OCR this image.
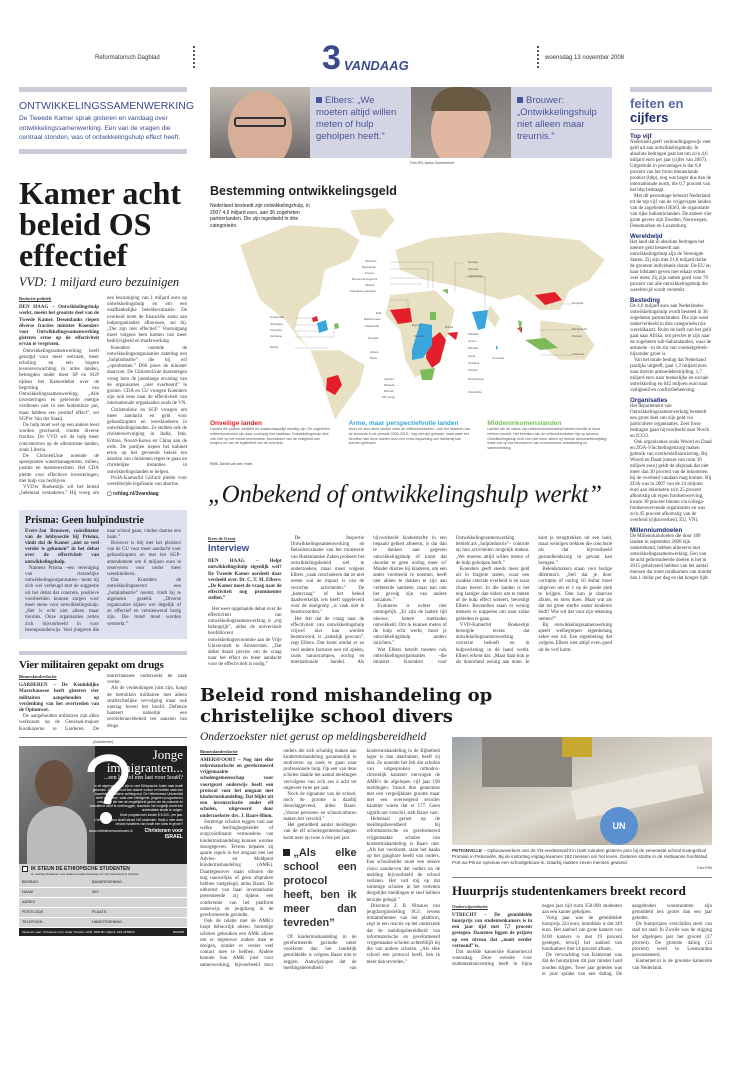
Reformatorisch Dagblad	3 VANDAAG	woensdag 13 november 2008
ONTWIKKELINGSSAMENWERKING
De Tweede Kamer sprak gisteren en vandaag over ontwikkelingssamenwerking. Een van de vragen die centraal stonden, was of ontwikkelingshulp effect heeft.
Elbers: „We moeten altijd willen meten of hulp geholpen heeft.”
Brouwer: „Ontwikkelingshulp niet alleen maar treurnis.”
Foto RD, Anton Dommerholt
feiten en
cijfers
Top vijf

Nederland geeft verhoudingsgewijs veel geld uit aan ontwikkelingshulp. In absolute bedragen gaat het om zo'n 4,6 miljard euro per jaar (cijfer van 2007). Uitgedrukt in percentages is dat 0,8 procent van het bruto binnenlands product (bbp), nog wat hoger dus dan de internationale norm, die 0,7 procent van het bbp bedraagt.

Met dit percentage behoort Nederland tot de top vijf van de vrijgevigste landen van de zogeheten OESO, de organisatie van rijke industrielanden. De andere vier grote gevers zijn Zweden, Noorwegen, Denemarken en Luxemburg.

Wereldwijd

Het land dat in absolute bedragen het meeste geld besteedt aan ontwikkelingshulp zijn de Verenigde Staten. Zij zijn met 21,8 miljard dollar de grootste individuele donor. De EU en haar lidstaten geven met elkaar echter veel meer. Zij zijn samen goed voor 70 procent van alle ontwikkelingshulp die wereldwijd wordt verstrekt.

Besteding

De 4,6 miljard euro aan Nederlandse ontwikkelingshulp wordt besteed in 36 zogeheten partnerlanden. Die zijn weer onderverdeeld in drie categorieën (zie wereldkaart). Ruim de helft van het geld gaat naar Afrika, om precies te zijn naar de zogeheten sub-Saharalanden, waar de armoede –in de zin van voedselgebrek– bijzonder groot is.

Van het totale bedrag dat Nederland jaarlijks uitgeeft, gaat 1,2 miljard euro naar directe armoedebestrijding, 1,7 miljard euro naar menselijke en sociale ontwikkeling en 642 miljoen euro naar veiligheid en conflictbeheersing.

Organisaties

Het departement van Ontwikkelingssamenwerking besteedt een groot deel van zijn geld via particuliere organisaties. Zeer forse bedragen gaan bijvoorbeeld naar Novib en ICCO.

Ook organisaties zoals Woord en Daad en ZOA-Vluchtelingenzorg maken gebruik van overheidsfinanciering. Bij Woord en Daad (omzet van ruim 30 miljoen euro) geldt de afspraak dat niet meer dan 30 procent van de inkomsten bij de overheid vandaan mag komen. Bij ZOA was in 2007 van de 24 miljoen euro aan inkomsten zo'n 25 procent afkomstig uit eigen fondsenwerving, kwam 30 procent binnen via collega-fondsenwervende organisaties en was zo'n 45 procent afkomstig van de overheid (rijksoverheid, EU, VN).

Millenniumdoelen

De Millenniumdoelen die door 189 landen in september 2000 zijn ondertekend, hebben allereerst met ontwikkelingssamenwerking. Een van de acht geformuleerde doelen is het in 2015 gehalveerd hebben van het aantal mensen dat moet rondkomen van minder dan 1 dollar per dag en dat honger lijdt.

Kamer acht beleid OS effectief
VVD: 1 miljard euro bezuinigen
Redactie politiek

DEN HAAG – Ontwikkelingshulp werkt, meent het grootste deel van de Tweede Kamer. Desondanks riepen diverse fracties minister Koenders voor Ontwikkelingssamenwerking gisteren ertoe op de effectiviteit ervan te vergroten.

Ontwikkelingssamenwerking heeft gezorgd voor meer welvaart, meer scholing en een hogere levensverwachting in arme landen, betoogden onder meer SP en SGP tijdens het Kamerdebat over de begroting van Ontwikkelingssamenwerking. „Alle investeringen en geleverde energie verdienen niet in een bodemloze put, maar hebben een positief effect”, zei SGP'er Van der Staaij.

De hulp moet wel op een andere leest worden geschoeid, vinden diverse fracties. De VVD wil de hulp meer concentreren op de allerarmste landen, zoals Liberia.

De ChristenUnie noemde de speerpunten watermanagement, milieu, justitie en mensenrechten. Het CDA pleitte voor effectieve investeringen, met hulp van bedrijven.

VVD'er Boekestijn wil het beleid „helemaal veranderen.” Hij vroeg om een bezuiniging van 1 miljard euro op ontwikkelingshulp en om een onafhankelijke beleidsevaluatie. De overheid moet de financiële steun aan hulporganisaties afbouwen, zei hij. „Die zijn niet effectief.” Vooruitgang moet volgens hem komen van meer bedrijvigheid en marktwerking.

Koenders noemde de ontwikkelingsorganisaties zaterdag een „hulpindustrie” die hij wil „openbreken.” D66 prees de minister daarvoor. De ChristenUnie daarentegen vroeg hem de jarenlange ervaring van de organisaties „niet overboord” te gooien. CDA en CU vroegen Koenders zijn ook eens naar de effectiviteit van internationale organisaties zoals de VN.

Christenlinie en SGP vroegen om meer aandacht en geld voor gehandicapten en weeskinderen in ontwikkelingslanden. Ze stelden ook de christenvervolging in India, Irak, Eritrea, Noord-Korea en China aan de orde. De partijen riepen het kabinet ertoe op het gevoerde beleid ten aanzien van christenen tegen te gaan en christelijke instanties in ontwikkelingslanden te helpen.

PvdA-Kamerlid Gill'ard pleitte voor wereldwijde legalisatie van abortus.

▢ refdag.nl/3vandaag
Prisma: Geen hulpindustrie

Evert-Jan Brouwer, coördinator van de lobbysectie bij Prisma, vindt dat de Kamer „niet zo veel verder is gekomen” in het debat over de effectiviteit van ontwikkelingshulp.

Namens Prisma –een vereniging van christelijke ontwikkelingsorganisaties– toont hij zich wel verheugd met de suggestie uit het debat dat concrete, positieve voorbeelden kunnen zorgen voor meer steun voor ontwikkelingshulp. „Het is echt niet alleen maar treurnis. Onze organisaties zetten zich bijvoorbeeld in voor beroepsonderwijs. Veel jongeren die naar school gaan, vinden daarna een baan.”

Brouwer is blij met het pleidooi van de CU voor meer aandacht voor gehandicapten en met het SGP-amendement om 8 miljoen euro te reserveren voor onder meer weeskinderen.

Dat Koenders de ontwikkelingssector een „hulpindustrie” noemt, vindt hij te algemeen gesteld. „Diverse organisaties kijken wel degelijk of ze effectief en vernieuwend bezig zijn. Die trend moet worden versterkt.”

Vier militairen gepakt om drugs
Binnenlandredactie

GARDEREN – De Koninklijke Marechaussee heeft gisteren vier militairen aangehouden op verdenking van het overtreden van de Opiumwet.

De aangehouden militairen zijn allen werkzaam op de Generaal-majoor Kootkazerne te Garderen. De marechaussee onderzoekt de zaak verder.

Als de verdenkingen juist zijn, hangt de betrokken militairen niet alleen strafrechtelijke vervolging maar ook ontslag boven het hoofd. Defensie hanteert namelijk een zerotolerancebeleid ten aanzien van drugs.

(Advertentie)
Jonge
immigranten...
...een lust of een last voor Israël?
In de afgelopen jaren zijn er veel Ethiopische Joden naar Israël gekomen. Zij komen uit een andere cultuur en hebben vaak een beperkte educatieve achtergrond. De Hebreeuwse Universiteit heeft voor deze, vaak zeer intelligente, jongeren programma's ontwikkeld die hen de mogelijkheid geven om de culturele en educatieve kloof te overbruggen, waardoor het mogelijk wordt een universitaire studie te volgen.
Deze programma's kosten $ 5.000,- per jaar.
Christenen voor Israël steunt 160 studenten. Helpt u mee deze nieuwe Israeliers van Israël een toets te geven?
www.christenenvoorisrael.nl	Christenen voor ISRAEL
IK STEUN DE ETHIOPISCHE STUDENTEN
en machtig Christenen voor Israël eenmalig dit bedrag van mijn rekening af te schrijven
BEDRAG	BANKREKENING
NAAM	M/V
ADRES
POSTCODE	PLAATS
TELEFOON	HANDTEKENING
Opsturen naar: Christenen voor Israël, Postbus 1100, 3860 BC Nijkerk, 033-2458824	RD0408
Bestemming ontwikkelingsgeld
Nederland besteedt zijn ontwikkelingshulp, in 2007 4,6 miljard euro, aan 36 zogeheten partnerlanden. Die zijn ingedeeld in drie categorieën.
Guatemala
Nicaragua
Colombia
Suriname
Bolivia
Oekraïne
Macedonië
Kosovo
Bosnië-Herzegovina
Albanië
Palestijnse gebieden
Mali
Burkina Faso
Kaapverdië
Senegal
Ghana
Benin
Uganda
Rwanda
Burundi
DR Congo
Georgië
Armenië
Afghanistan
Egypte	Eritrea
Soedan	Pakistan
Jemen
Ethiopië
Kenia
Tanzania
Zambia
Mozambique
Zuid-Afrika
Sri Lanka
Mongolië
Bangladesh
Vietnam
Indonesië
Onveilige landen
Landen die politiek instabiel en maatschappelijk onveilig zijn. De zogeheten millenniumdoelen zijn daar voorlopig niet haalbaar. Ontwikkelingshulp richt zich hier op het meest elementaire: bevorderen van de veiligheid van burgers en van de legitimiteit van de overheid.
Arme, maar perspectiefvolle landen
Arme tot zeer arme landen waar de millenniumdoelen –ook het halveren van de armoede in de periode 2000-2015– nog niet zijn gehaald, maar waar het bereiken van deze doelen door een extra inspanning wel dichterbij kan worden gebracht.
Middeninkomenslanden
Landen die de status van middeninkomensland hebben bereikt of bijna hebben bereikt. Het bereiken van de millenniumdoelen ligt op schema. Ontwikkelingshulp richt zich niet meer alleen op directe armoedebestrijding, maar ook op het bevorderen van economische ontwikkeling en samenwerking.
RMB. Daniël van den Hoek
„Onbekend of ontwikkelingshulp werkt”
Kees de Groot
Interview

DEN HAAG – Helpt ontwikkelingshulp eigenlijk wel? De Tweede Kamer oordeelt daar verdeeld over. Dr. C. T. M. Elbers: „De Kamer moet de vraag naar de effectiviteit nog prominenter stellen.”

Het weer opgelaaide debat over de effectiviteit van ontwikkelingssamenwerking is „erg belangrijk”, aldus de universitair hoofddocent ontwikkelingseconomie aan de Vrije Universiteit te Amsterdam. „Dat debat draait precies om de vraag naar het effect en meer aandacht voor de effectiviteit is nodig.”

De Inspectie Ontwikkelingssamenwerking en Beleidsevaluatie van het ministerie van Buitenlandse Zaken probeert het ontwikkelingsbeleid wel te onderzoeken, maar moet volgens Elbers „vaak concluderen dat ze niet weten wat de impact is van de verrichte activiteiten.” De „hamvraag” of het beleid daadwerkelijk iets heeft opgeleverd voor de doelgroep „is vaak niet te beantwoorden.”

Het feit dat de vraag naar de effectiviteit van ontwikkelingshulp vrijwel niet kan worden beantwoord, is „tamelijk gewoon”, zegt Elbers. Dat komt omdat er zo veel andere factoren een rol spelen, zoals natuurrampen, oorlog en internationale handel. Als bijvoorbeeld kindersterfte in een bepaald gebied afneemt, is dat dan te danken aan gegeven ontwikkelingshulp of komt dat doordat er geen oorlog meer is? Minder diarree bij kinderen, om een ander voorbeeld te noemen, heeft niet alleen te danken te zijn aan verbeterde sanitatie, maar kan ook het gevolg zijn van andere oorzaken.”

Evalueren is echter niet onmogelijk. „Er zijn de laatste tijd nieuwe, betere methoden ontwikkeld. Om te kunnen meten of de hulp echt werkt, moet je ontwikkelingshulp anders inrichten.”

Wat Elbers betreft moeten ook ontwikkelingsorganisaties –die minister Koenders voor Ontwikkelingssamenwerking betitelt als „hulpindustrie”– controle op hun activiteiten mogelijk maken. „We moeten altijd willen meten of de hulp geholpen heeft.”

Koenders geeft steeds meer geld uit in fragiele staten, waar een zwakke centrale overheid is en waar chaos heerst. In die landen is het nog lastiger dan elders om te meten of de hulp effect sorteert, bevestigt Elbers. Bovendien staan er weinig mensen te trappelen om naar zulke gebieden te gaan.

VVD-Kamerlid Boekestijn betoogde recent dat ontwikkelingssamenwerking correctie behoeft en in hulpverlening in de hand werkt. Elbers erkent dat. „Maar daar kun je als donorland weinig aan doen. Je kunt je terugtrekken uit een land, maar weinigen trekken die conclusie als dat bijvoorbeeld gezondheidszorg in gevaar kan brengen.”

Beleidsmakers staan voor lastige dilemma's. „Stel dat je door corruptie of oorlog 10 dollar moet uitgeven om er 1 op de goede plek te krijgen. Dan kun je daarvan afzien, en niets doen. Maar wat als dat tot grote sterfte onder kinderen leidt? Wie wil dat voor zijn rekening nemen?”

Bij ontwikkelingssamenwerking speelt welbegrepen eigenbelang zeker een rol. Een eigenbelang dat volgens Elbers niet altijd even goed uit de verf komt.

Beleid rond mishandeling op christelijke school divers
Onderzoekster niet gerust op meldingsbereidheid
Binnenlandredactie

AMERSFOORT – Nog niet elke reformatorische en gereformeerd vrijgemaakte scholengemeenschap voor voortgezet onderwijs heeft een protocol voor het omgaan met kindermishandeling. Dat blijkt uit een inventarisatie onder elf scholen, uitgevoerd door onderzoekster drs. J. Baars-Blom.

Sommige scholen leggen vast aan welke leerlingbegeleider of zorgcoördinator vermoedens van kindermishandeling kunnen worden doorgegeven. Tevens bepalen zij aparte regels in het omgaan met het Advies- en Meldpunt Kindermishandeling (AMK). Daartegenover staan scholen die nog nauwelijks of geen afspraken hebben vastgelegd, aldus Baars. De uitkomst van haar inventarisatie presenteerde zij tijdens een conferentie van het platform onderwijs en jeugdzorg in de gereformeerde gezindte.

Ook de relatie met de AMK's loopt behoorlijk uiteen. Sommige scholen gebruiken een AMK alleen om er tegenover ouders mee te dreigen, zonder er verder veel contact mee te hebben. Andere kennen hun AMK juist voor samenwerking, bijvoorbeeld door ouders die zich schuldig maken aan kindermishandeling gezamenlijk te motiveren op zoek te gaan naar professionele hulp. Op een van deze scholen daalde het aantal meldingen vervolgens van zo'n zes à acht tot ongeveer twee per jaar.

Noch de signatuur van de school, noch de grootte is daarbij doorslaggevend, aldus Baars. „Vooral personen en schoolculturen maken het verschil.”

Het gemiddeld aantal meldingen van de elf scholengemeenschappen komt neer op twee à drie per jaar.

„Als elke school een protocol heeft, ben ik meer dan tevreden”

Of kindermishandeling in de gereformeerde gezindte vaker voorkomt dan het landelijk gemiddelde is volgens Baars niet te zeggen. Aanwijzingen dat de meldingsbereidheid van kindermishandeling in de Bijbelbelt lager is dan daarbuiten, heeft zij niet. Ze noemde het feit dat scholen van uitgesproken orthodox-christelijk karakter ontvingen de AMK's de afgelopen vijf jaar 196 meldingen. Vanuit drie generaties met een vergelijkbare grootte maar met een overwegend seculier karakter waren dat er 177. Geen significant verschil, stelt Baars vast.

Helemaal gerust op de meldingsbereidheid bij reformatorische en gereformeerd vrijgemaakte scholen van kindermishandeling is Baars niet. „Als het voorkomt, staat het haaks op het gangbare beeld van ouders. Een schoolleider moet een zekere risico aandurven dat ouders na de melding bijvoorbeeld de school verlaten. Het valt mij op dat sommige scholen in het verleden dergelijke meldingen te snel hebben terzijde gelegd.”

Directeur Z. B. Nitzauw van jeugdzorginstelling SGJ, tevens initiatiefnemer van het platform, zegt in een reactie op het onderzoek dat de meldingsbereidheid van reformatorische en gereformeerd vrijgemaakte scholen achterblijft bij die van andere scholen. „Als elke school een protocol heeft, ben ik meer dan tevreden.”

UN
PETIONVILLE – Opbouwwerkers van de VN-vredesmacht in Haïti ruimden gisteren puin bij de verwoeste school Evangelical Promise in Petionville. Bij de instorting vrijdag kwamen 182 mensen om het leven. Gisteren stortte in de Haïtiaanse hoofdstad Port-au-Prince opnieuw een schoolgebouw in. Daarbij raakten zeven mensen gewond.
Foto EPA
Huurprijs studentenkamers breekt record
Onderwijsredactie

UTRECHT – De gemiddelde huurprijs van studentenkamers is in een jaar tijd met 7,7 procent gestegen. Daarmee liggen de prijzen op een niveau dat „nooit eerder vertoond” is.

Dat meldde kamersite Kamernet.nl woensdag. Deze website voor studentenhuisvesting heeft in bijna negen jaar tijd ruim 350.000 studenten aan een kamer geholpen.

Vorig jaar was de gemiddelde huurprijs 324 euro, inmiddels is dat 349 euro. Het aanbod van grote kamers van 6100 kamers is met 19 procent gestegen, terwijl het aanbod van huurkamers met 14 procent afnam.

De verwachting van Kamernet was dat de huurprijzen dit jaar minder hard zouden stijgen. Twee jaar geleden was er juist sprake van een daling. De aangeboden woonruimten zijn gemiddeld iets groter dan een jaar geleden.

De huurprijzen verschillen sterk van stad tot stad. In Zwolle was de stijging het afgelopen jaar het grootst (27 procent). De grootste daling (12 procent) werd in Leeuwarden geconstateerd.

Kamernet.nl is de grootste kamersite van Nederland.
